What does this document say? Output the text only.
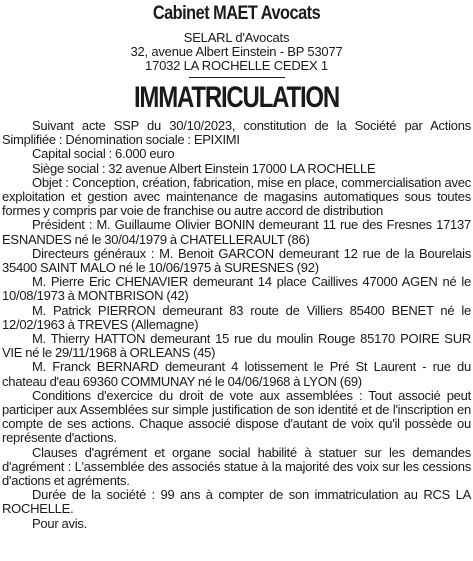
Cabinet MAET Avocats
SELARL d'Avocats
32, avenue Albert Einstein - BP 53077
17032 LA ROCHELLE CEDEX 1
IMMATRICULATION

Suivant acte SSP du 30/10/2023, constitution de la Société par Actions Simplifiée : Dénomination sociale : EPIXIMI

Capital social : 6.000 euro

Siège social : 32 avenue Albert Einstein 17000 LA ROCHELLE

Objet : Conception, création, fabrication, mise en place, commercialisation avec exploitation et gestion avec maintenance de magasins automatiques sous toutes formes y compris par voie de franchise ou autre accord de distribution

Président : M. Guillaume Olivier BONIN demeurant 11 rue des Fresnes 17137 ESNANDES né le 30/04/1979 à CHATELLERAULT (86)

Directeurs généraux : M. Benoit GARCON demeurant 12 rue de la Bourelais 35400 SAINT MALO né le 10/06/1975 à SURESNES (92)

M. Pierre Eric CHENAVIER demeurant 14 place Caillives 47000 AGEN né le 10/08/1973 à MONTBRISON (42)

M. Patrick PIERRON demeurant 83 route de Villiers 85400 BENET né le 12/02/1963 à TREVES (Allemagne)

M. Thierry HATTON demeurant 15 rue du moulin Rouge 85170 POIRE SUR VIE né le 29/11/1968 à ORLEANS (45)

M. Franck BERNARD demeurant 4 lotissement le Pré St Laurent - rue du chateau d'eau 69360 COMMUNAY né le 04/06/1968 à LYON (69)

Conditions d'exercice du droit de vote aux assemblées : Tout associé peut participer aux Assemblées sur simple justification de son identité et de l'inscription en compte de ses actions. Chaque associé dispose d'autant de voix qu'il possède ou représente d'actions.

Clauses d'agrément et organe social habilité à statuer sur les demandes d'agrément : L'assemblée des associés statue à la majorité des voix sur les cessions d'actions et agréments.

Durée de la société : 99 ans à compter de son immatriculation au RCS LA ROCHELLE.

Pour avis.
